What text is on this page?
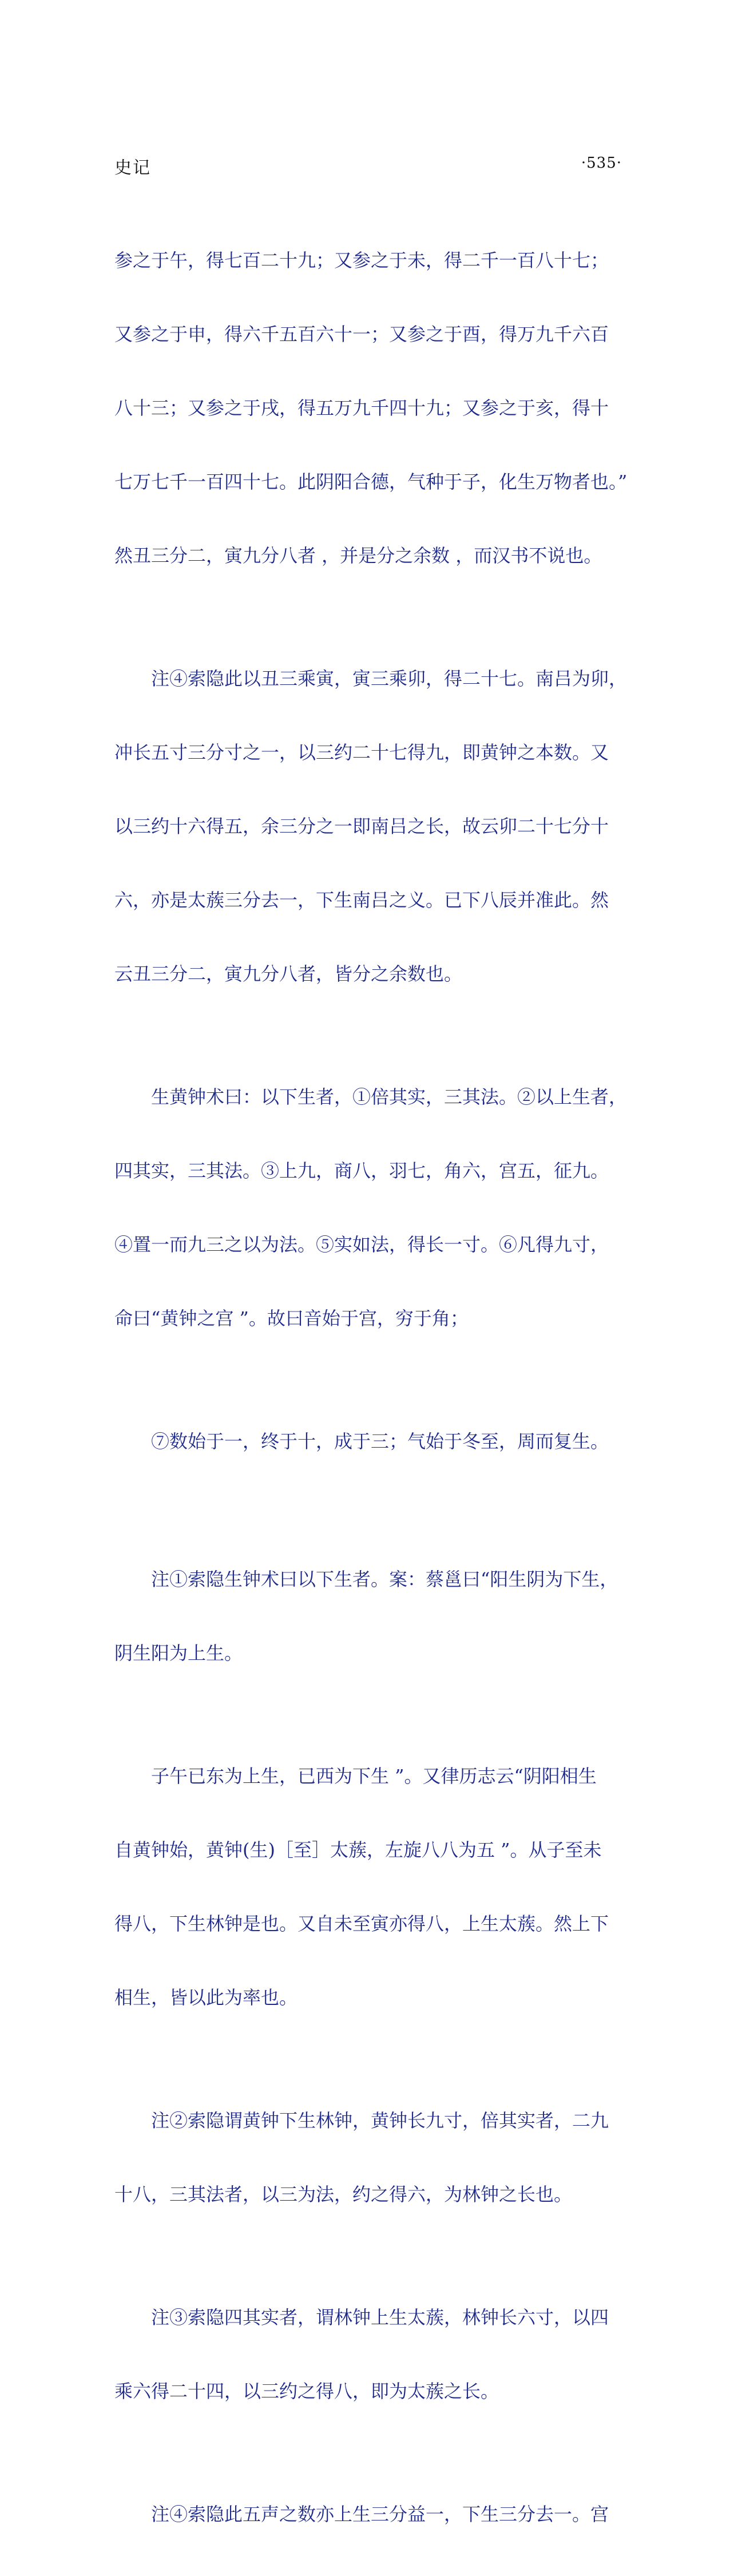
史记	·535·

参之于午，得七百二十九；又参之于未，得二千一百八十七；

又参之于申，得六千五百六十一；又参之于酉，得万九千六百

八十三；又参之于戌，得五万九千四十九；又参之于亥，得十

七万七千一百四十七。此阴阳合德，气种于子，化生万物者也。”

然丑三分二，寅九分八者 ，并是分之余数 ，而汉书不说也。

注④索隐此以丑三乘寅，寅三乘卯，得二十七。南吕为卯，

冲长五寸三分寸之一，以三约二十七得九，即黄钟之本数。又

以三约十六得五，余三分之一即南吕之长，故云卯二十七分十

六，亦是太蔟三分去一，下生南吕之义。已下八辰并准此。然

云丑三分二，寅九分八者，皆分之余数也。

生黄钟术曰：以下生者，①倍其实，三其法。②以上生者，

四其实，三其法。③上九，商八，羽七，角六，宫五，征九。

④置一而九三之以为法。⑤实如法，得长一寸。⑥凡得九寸，

命曰“黄钟之宫 ”。故曰音始于宫，穷于角；

⑦数始于一，终于十，成于三；气始于冬至，周而复生。

注①索隐生钟术曰以下生者。案：蔡邕曰“阳生阴为下生，

阴生阳为上生。

子午已东为上生，已西为下生 ”。又律历志云“阴阳相生

自黄钟始，黄钟(生)［至］太蔟，左旋八八为五 ”。从子至未

得八，下生林钟是也。又自未至寅亦得八，上生太蔟。然上下

相生，皆以此为率也。

注②索隐谓黄钟下生林钟，黄钟长九寸，倍其实者，二九

十八，三其法者，以三为法，约之得六，为林钟之长也。

注③索隐四其实者，谓林钟上生太蔟，林钟长六寸，以四

乘六得二十四，以三约之得八，即为太蔟之长。

注④索隐此五声之数亦上生三分益一，下生三分去一。宫
